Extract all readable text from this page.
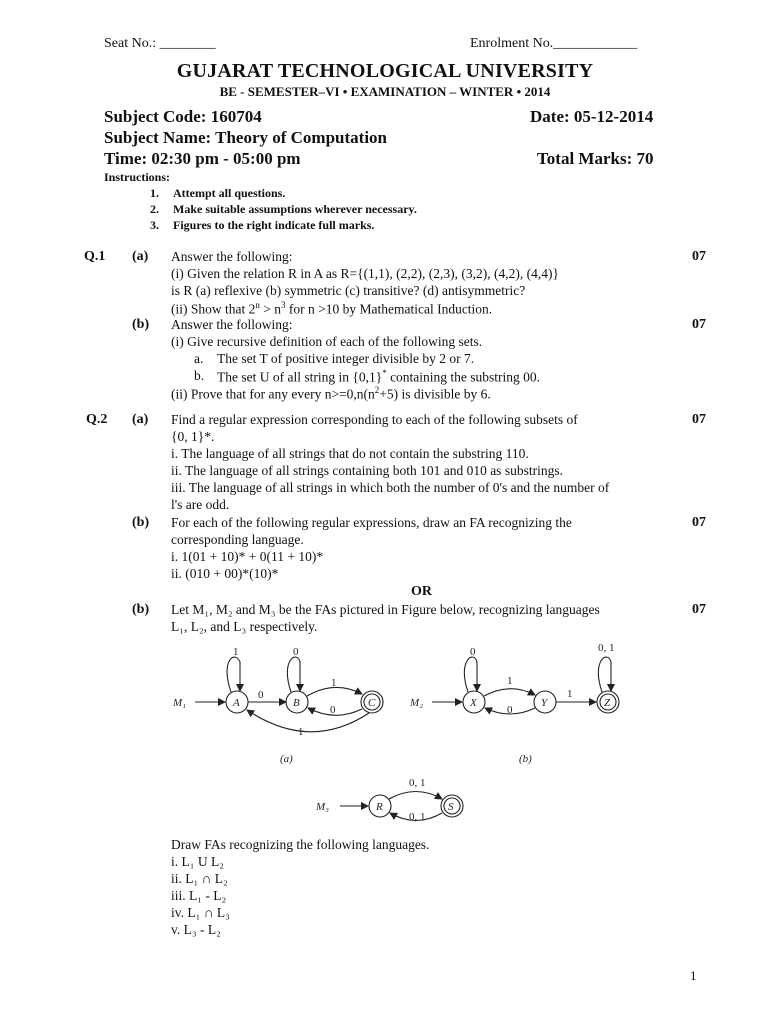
Seat No.: ________	Enrolment No.____________
GUJARAT TECHNOLOGICAL UNIVERSITY
BE - SEMESTER–VI • EXAMINATION – WINTER • 2014
Subject Code: 160704	Date: 05-12-2014
Subject Name: Theory of Computation
Time: 02:30 pm - 05:00 pm	Total Marks: 70
Instructions:
1. Attempt all questions.
2. Make suitable assumptions wherever necessary.
3. Figures to the right indicate full marks.
Q.1 (a)	07
Answer the following:
(i) Given the relation R in A as R={(1,1), (2,2), (2,3), (3,2), (4,2), (4,4)}
is R (a) reflexive (b) symmetric (c) transitive? (d) antisymmetric?
(ii) Show that $2^n > n^3$ for n >10 by Mathematical Induction.
(b)	07
Answer the following:
(i) Give recursive definition of each of the following sets.
a. The set T of positive integer divisible by 2 or 7.
b. The set U of all string in {0,1}* containing the substring 00.
(ii) Prove that for any every $n>=0,n(n^2+5)$ is divisible by 6.
Q.2 (a)	07
Find a regular expression corresponding to each of the following subsets of
{0, 1}*.
i. The language of all strings that do not contain the substring 110.
ii. The language of all strings containing both 101 and 010 as substrings.
iii. The language of all strings in which both the number of 0's and the number of
l's are odd.
(b)	07
For each of the following regular expressions, draw an FA recognizing the
corresponding language.
i. 1(01 + 10)* + 0(11 + 10)*
ii. (010 + 00)*(10)*
OR
(b)	07
Let M₁, M₂ and M₃ be the FAs pictured in Figure below, recognizing languages
L₁, L₂, and L₃ respectively.
M₁	A	B	C
1	0
0
1
0
1
(a)
M₂	X	Y	Z
0	0, 1
1
0
1
(b)
M₃	R	S
0, 1
0, 1
Draw FAs recognizing the following languages.
i. L₁ U L₂
ii. L₁ ∩ L₂
iii. L₁ - L₂
iv. L₁ ∩ L₃
v. L₃ - L₂
1
